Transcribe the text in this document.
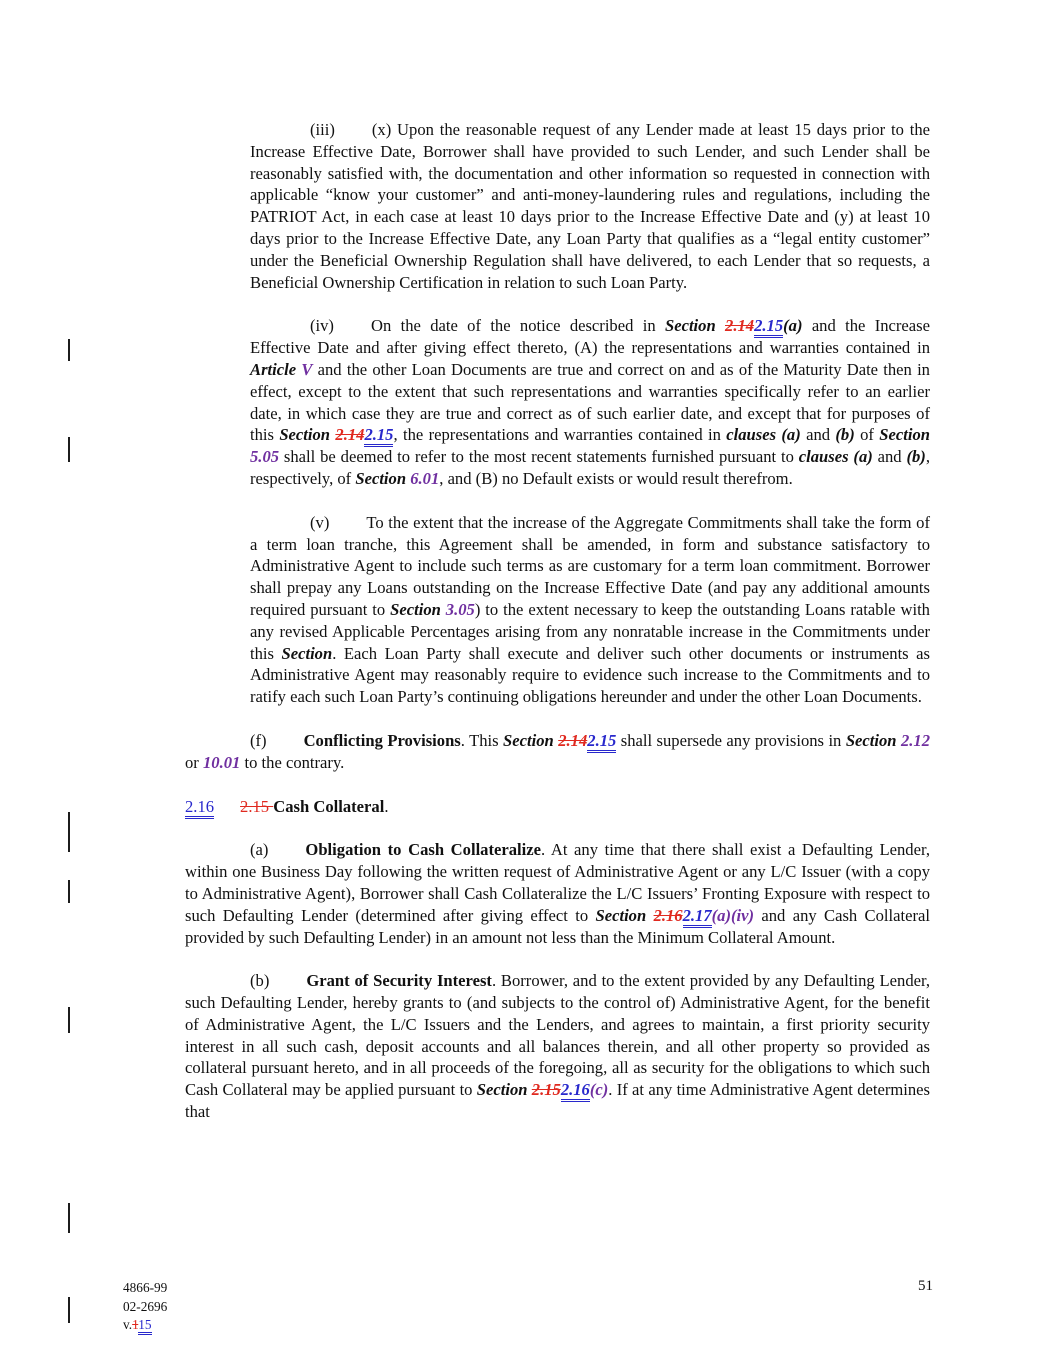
(iii) (x) Upon the reasonable request of any Lender made at least 15 days prior to the Increase Effective Date, Borrower shall have provided to such Lender, and such Lender shall be reasonably satisfied with, the documentation and other information so requested in connection with applicable “know your customer” and anti-money-laundering rules and regulations, including the PATRIOT Act, in each case at least 10 days prior to the Increase Effective Date and (y) at least 10 days prior to the Increase Effective Date, any Loan Party that qualifies as a “legal entity customer” under the Beneficial Ownership Regulation shall have delivered, to each Lender that so requests, a Beneficial Ownership Certification in relation to such Loan Party.

(iv) On the date of the notice described in Section 2.142.15(a) and the Increase Effective Date and after giving effect thereto, (A) the representations and warranties contained in Article V and the other Loan Documents are true and correct on and as of the Maturity Date then in effect, except to the extent that such representations and warranties specifically refer to an earlier date, in which case they are true and correct as of such earlier date, and except that for purposes of this Section 2.142.15, the representations and warranties contained in clauses (a) and (b) of Section 5.05 shall be deemed to refer to the most recent statements furnished pursuant to clauses (a) and (b), respectively, of Section 6.01, and (B) no Default exists or would result therefrom.

(v) To the extent that the increase of the Aggregate Commitments shall take the form of a term loan tranche, this Agreement shall be amended, in form and substance satisfactory to Administrative Agent to include such terms as are customary for a term loan commitment. Borrower shall prepay any Loans outstanding on the Increase Effective Date (and pay any additional amounts required pursuant to Section 3.05) to the extent necessary to keep the outstanding Loans ratable with any revised Applicable Percentages arising from any nonratable increase in the Commitments under this Section. Each Loan Party shall execute and deliver such other documents or instruments as Administrative Agent may reasonably require to evidence such increase to the Commitments and to ratify each such Loan Party’s continuing obligations hereunder and under the other Loan Documents.

(f) Conflicting Provisions. This Section 2.142.15 shall supersede any provisions in Section 2.12 or 10.01 to the contrary.

2.16 2.15 Cash Collateral.

(a) Obligation to Cash Collateralize. At any time that there shall exist a Defaulting Lender, within one Business Day following the written request of Administrative Agent or any L/C Issuer (with a copy to Administrative Agent), Borrower shall Cash Collateralize the L/C Issuers’ Fronting Exposure with respect to such Defaulting Lender (determined after giving effect to Section 2.162.17(a)(iv) and any Cash Collateral provided by such Defaulting Lender) in an amount not less than the Minimum Collateral Amount.

(b) Grant of Security Interest. Borrower, and to the extent provided by any Defaulting Lender, such Defaulting Lender, hereby grants to (and subjects to the control of) Administrative Agent, for the benefit of Administrative Agent, the L/C Issuers and the Lenders, and agrees to maintain, a first priority security interest in all such cash, deposit accounts and all balances therein, and all other property so provided as collateral pursuant hereto, and in all proceeds of the foregoing, all as security for the obligations to which such Cash Collateral may be applied pursuant to Section 2.152.16(c). If at any time Administrative Agent determines that

4866-99
02-2696
v.115
51
